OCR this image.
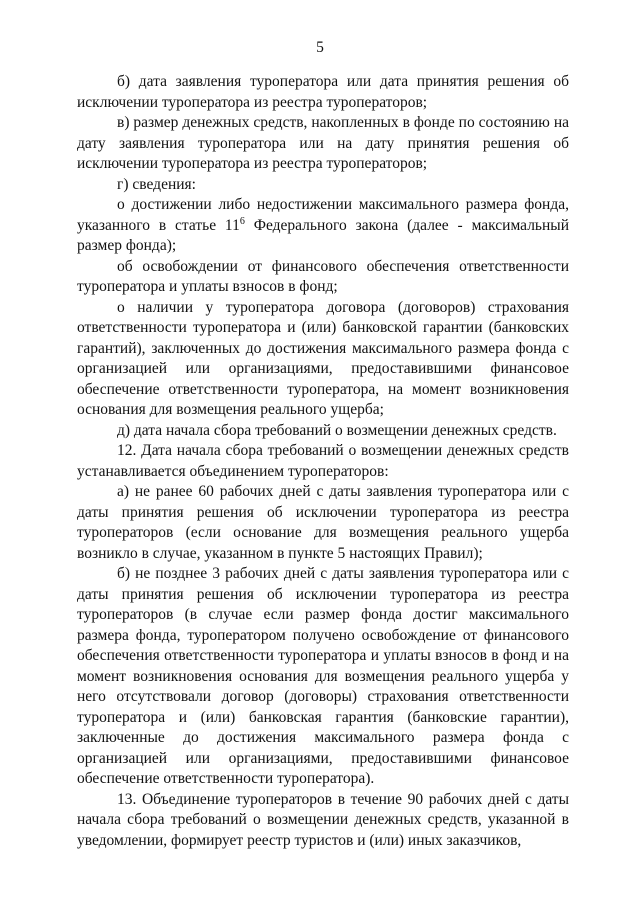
5

б) дата заявления туроператора или дата принятия решения об исключении туроператора из реестра туроператоров;

в) размер денежных средств, накопленных в фонде по состоянию на дату заявления туроператора или на дату принятия решения об исключении туроператора из реестра туроператоров;

г) сведения:

о достижении либо недостижении максимального размера фонда, указанного в статье $11^6$ Федерального закона (далее - максимальный размер фонда);

об освобождении от финансового обеспечения ответственности туроператора и уплаты взносов в фонд;

о наличии у туроператора договора (договоров) страхования ответственности туроператора и (или) банковской гарантии (банковских гарантий), заключенных до достижения максимального размера фонда с организацией или организациями, предоставившими финансовое обеспечение ответственности туроператора, на момент возникновения основания для возмещения реального ущерба;

д) дата начала сбора требований о возмещении денежных средств.

12. Дата начала сбора требований о возмещении денежных средств устанавливается объединением туроператоров:

а) не ранее 60 рабочих дней с даты заявления туроператора или с даты принятия решения об исключении туроператора из реестра туроператоров (если основание для возмещения реального ущерба возникло в случае, указанном в пункте 5 настоящих Правил);

б) не позднее 3 рабочих дней с даты заявления туроператора или с даты принятия решения об исключении туроператора из реестра туроператоров (в случае если размер фонда достиг максимального размера фонда, туроператором получено освобождение от финансового обеспечения ответственности туроператора и уплаты взносов в фонд и на момент возникновения основания для возмещения реального ущерба у него отсутствовали договор (договоры) страхования ответственности туроператора и (или) банковская гарантия (банковские гарантии), заключенные до достижения максимального размера фонда с организацией или организациями, предоставившими финансовое обеспечение ответственности туроператора).

13. Объединение туроператоров в течение 90 рабочих дней с даты начала сбора требований о возмещении денежных средств, указанной в уведомлении, формирует реестр туристов и (или) иных заказчиков,
